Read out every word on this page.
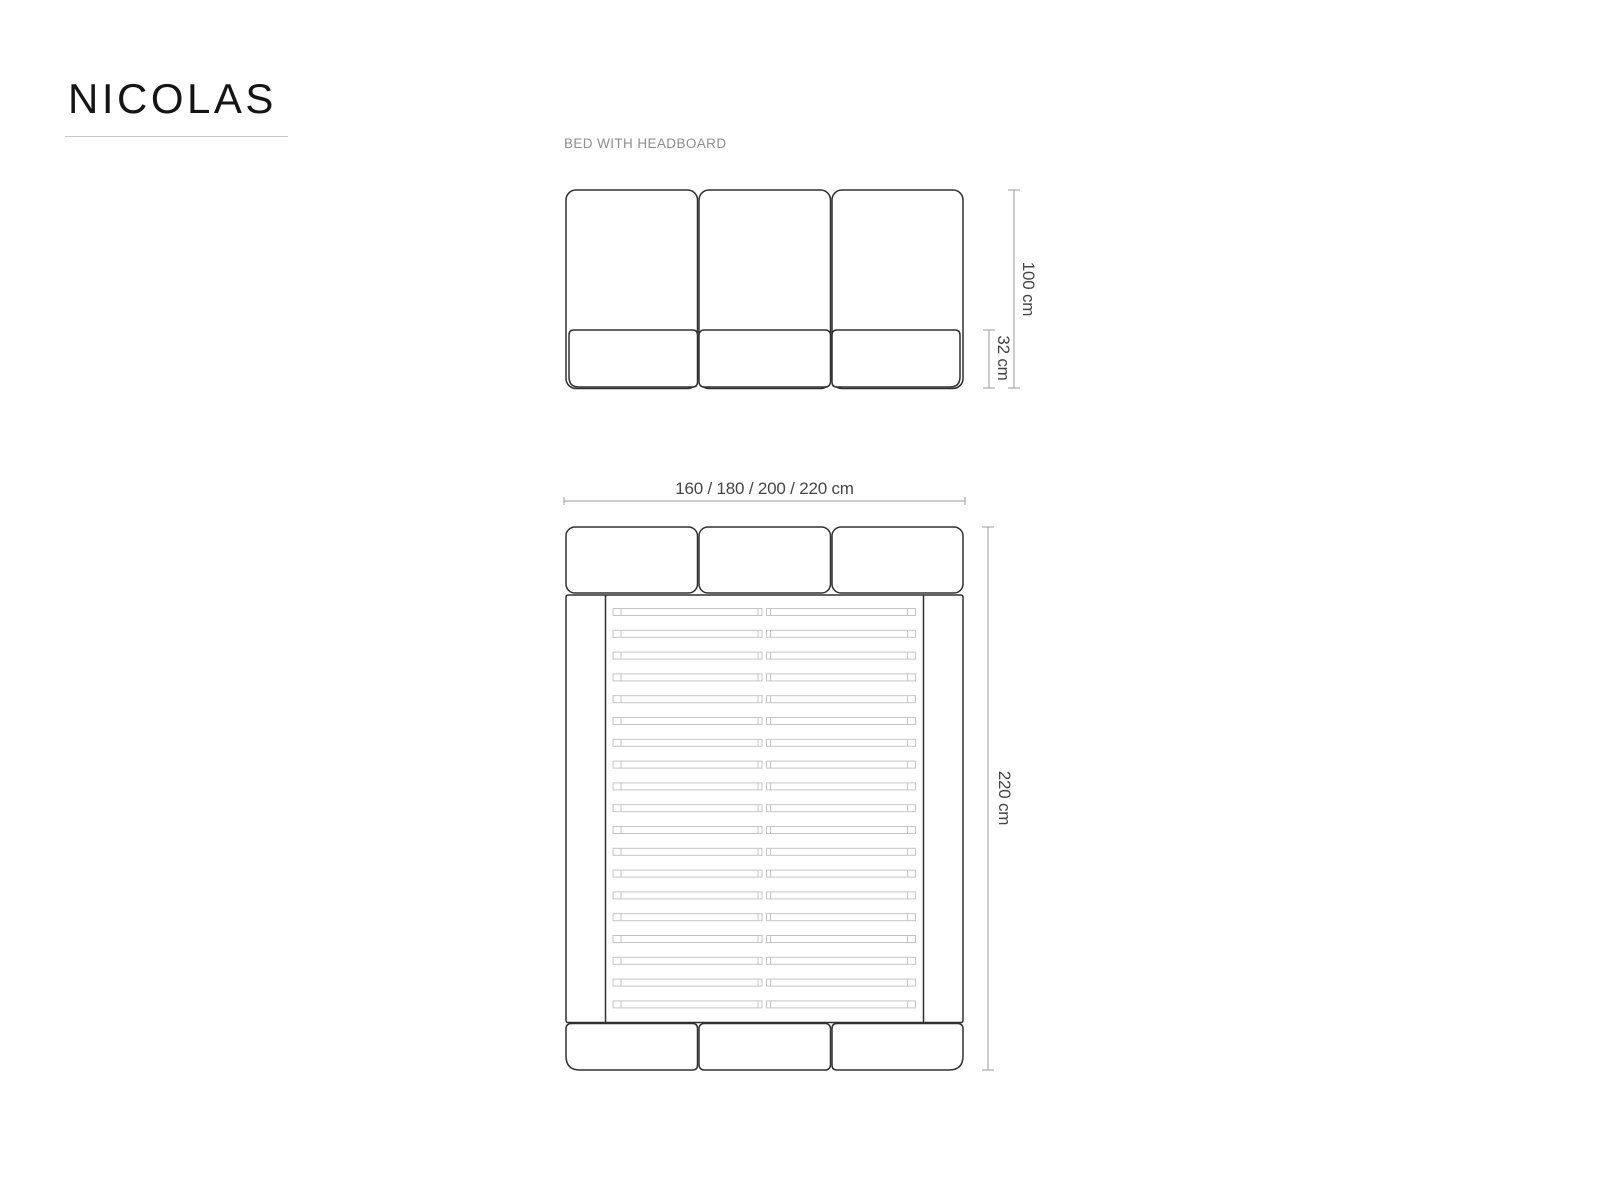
NICOLAS
BED WITH HEADBOARD
100 cm
32 cm
160 / 180 / 200 / 220 cm
220 cm
